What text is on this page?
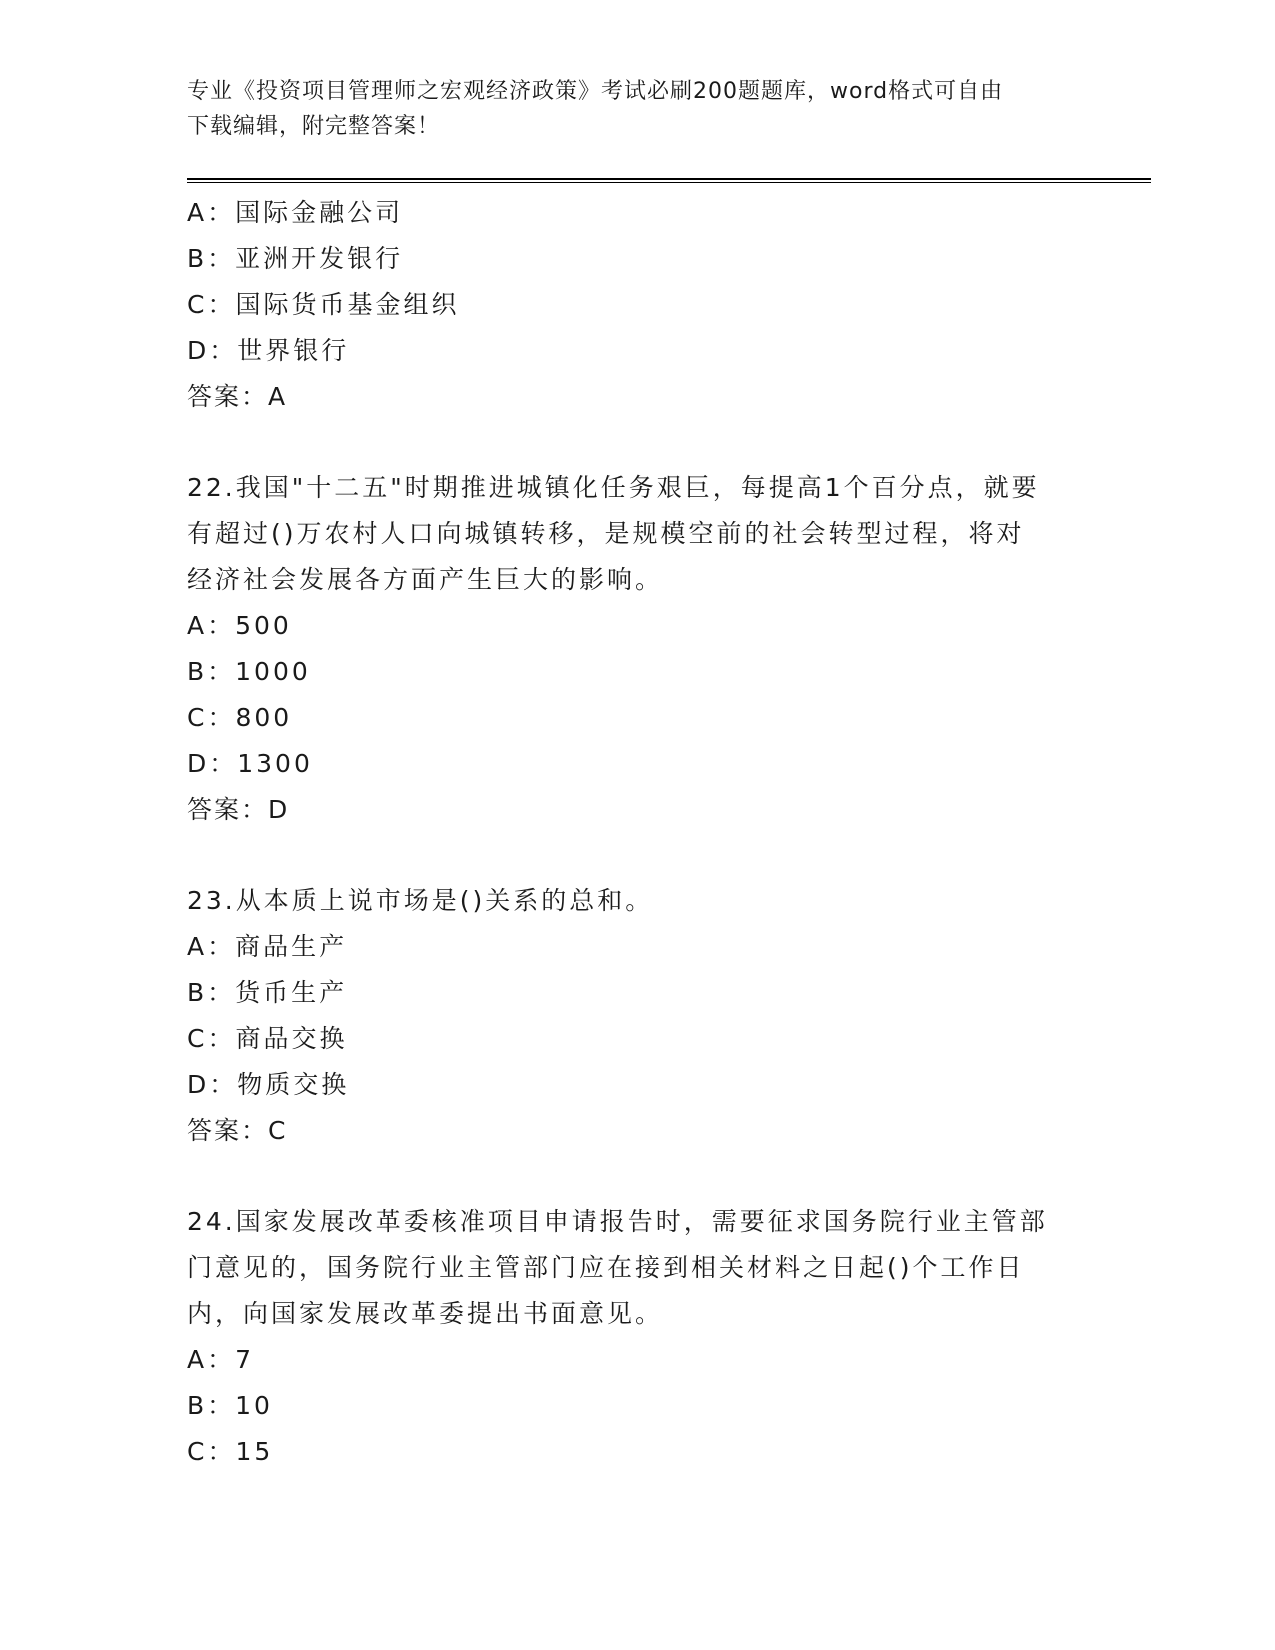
专业《投资项目管理师之宏观经济政策》考试必刷200题题库，word格式可自由
下载编辑，附完整答案！
A：国际金融公司
B：亚洲开发银行
C：国际货币基金组织
D：世界银行
答案：A
22.我国"十二五"时期推进城镇化任务艰巨，每提高1个百分点，就要
有超过()万农村人口向城镇转移，是规模空前的社会转型过程，将对
经济社会发展各方面产生巨大的影响。
A：500
B：1000
C：800
D：1300
答案：D
23.从本质上说市场是()关系的总和。
A：商品生产
B：货币生产
C：商品交换
D：物质交换
答案：C
24.国家发展改革委核准项目申请报告时，需要征求国务院行业主管部
门意见的，国务院行业主管部门应在接到相关材料之日起()个工作日
内，向国家发展改革委提出书面意见。
A：7
B：10
C：15
